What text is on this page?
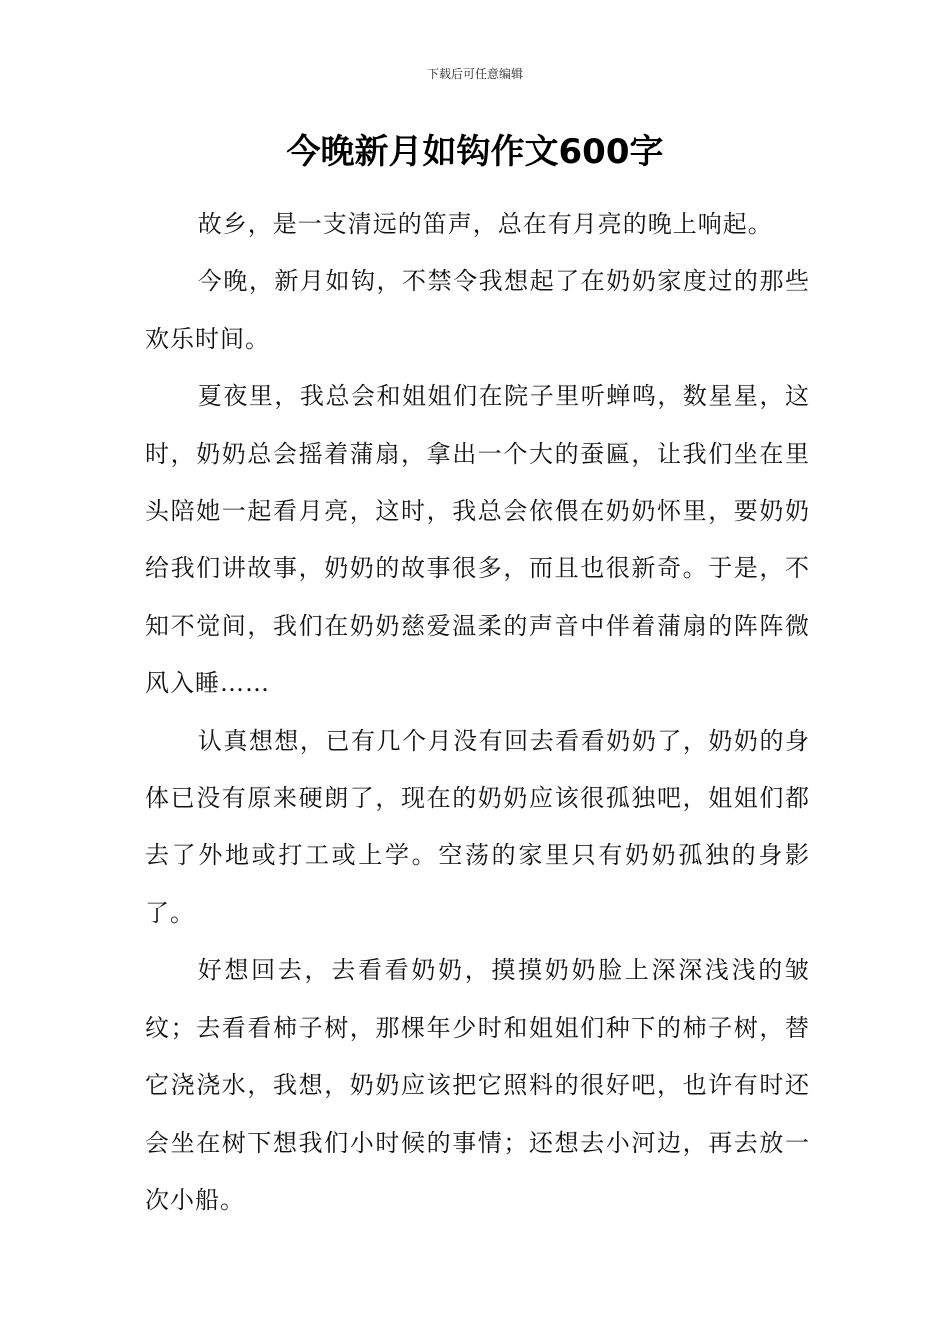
下载后可任意编辑
今晚新月如钩作文600字

故乡，是一支清远的笛声，总在有月亮的晚上响起。

今晚，新月如钩，不禁令我想起了在奶奶家度过的那些欢乐时间。

夏夜里，我总会和姐姐们在院子里听蝉鸣，数星星，这时，奶奶总会摇着蒲扇，拿出一个大的蚕匾，让我们坐在里头陪她一起看月亮，这时，我总会依偎在奶奶怀里，要奶奶给我们讲故事，奶奶的故事很多，而且也很新奇。于是，不知不觉间，我们在奶奶慈爱温柔的声音中伴着蒲扇的阵阵微风入睡……

认真想想，已有几个月没有回去看看奶奶了，奶奶的身体已没有原来硬朗了，现在的奶奶应该很孤独吧，姐姐们都去了外地或打工或上学。空荡的家里只有奶奶孤独的身影了。

好想回去，去看看奶奶，摸摸奶奶脸上深深浅浅的皱纹；去看看柿子树，那棵年少时和姐姐们种下的柿子树，替它浇浇水，我想，奶奶应该把它照料的很好吧，也许有时还会坐在树下想我们小时候的事情；还想去小河边，再去放一次小船。
